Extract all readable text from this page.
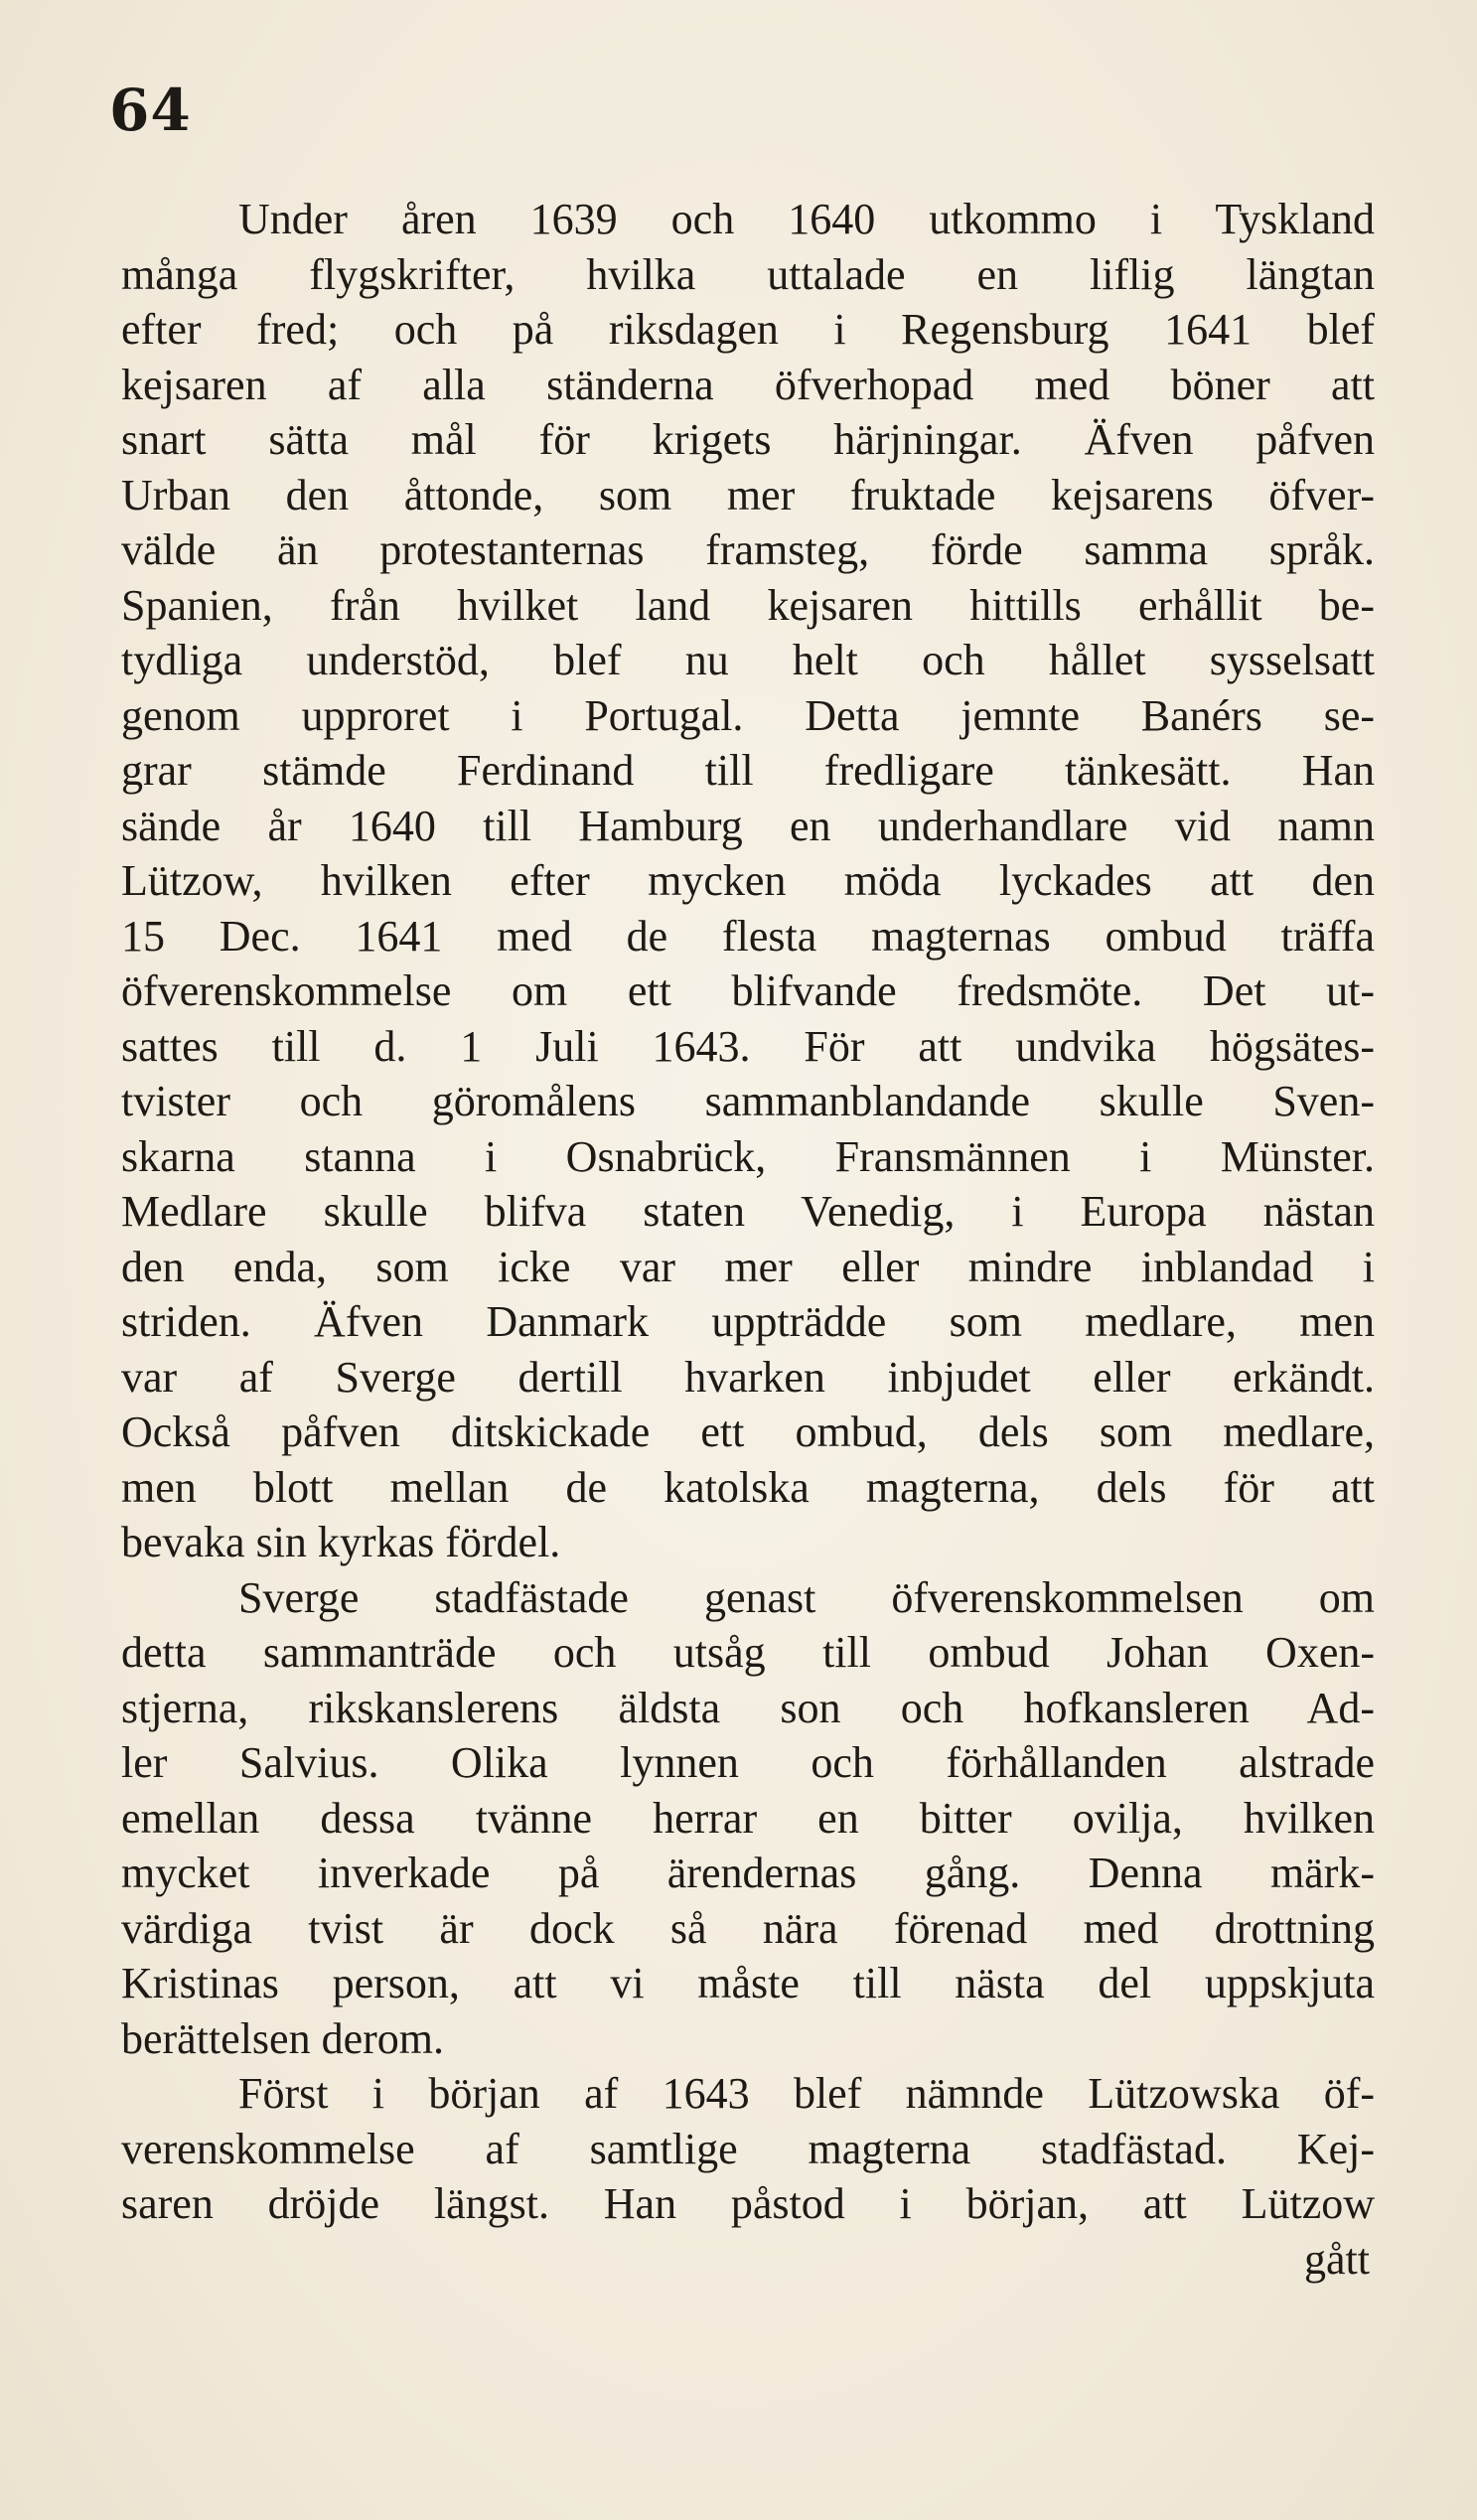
64
Under åren 1639 och 1640 utkommo i Tyskland
många flygskrifter, hvilka uttalade en liflig längtan
efter fred; och på riksdagen i Regensburg 1641 blef
kejsaren af alla ständerna öfverhopad med böner att
snart sätta mål för krigets härjningar. Äfven påfven
Urban den åttonde, som mer fruktade kejsarens öfver-
välde än protestanternas framsteg, förde samma språk.
Spanien, från hvilket land kejsaren hittills erhållit be-
tydliga understöd, blef nu helt och hållet sysselsatt
genom upproret i Portugal. Detta jemnte Banérs se-
grar stämde Ferdinand till fredligare tänkesätt. Han
sände år 1640 till Hamburg en underhandlare vid namn
Lützow, hvilken efter mycken möda lyckades att den
15 Dec. 1641 med de flesta magternas ombud träffa
öfverenskommelse om ett blifvande fredsmöte. Det ut-
sattes till d. 1 Juli 1643. För att undvika högsätes-
tvister och göromålens sammanblandande skulle Sven-
skarna stanna i Osnabrück, Fransmännen i Münster.
Medlare skulle blifva staten Venedig, i Europa nästan
den enda, som icke var mer eller mindre inblandad i
striden. Äfven Danmark uppträdde som medlare, men
var af Sverge dertill hvarken inbjudet eller erkändt.
Också påfven ditskickade ett ombud, dels som medlare,
men blott mellan de katolska magterna, dels för att
bevaka sin kyrkas fördel.
Sverge stadfästade genast öfverenskommelsen om
detta sammanträde och utsåg till ombud Johan Oxen-
stjerna, rikskanslerens äldsta son och hofkansleren Ad-
ler Salvius. Olika lynnen och förhållanden alstrade
emellan dessa tvänne herrar en bitter ovilja, hvilken
mycket inverkade på ärendernas gång. Denna märk-
värdiga tvist är dock så nära förenad med drottning
Kristinas person, att vi måste till nästa del uppskjuta
berättelsen derom.
Först i början af 1643 blef nämnde Lützowska öf-
verenskommelse af samtlige magterna stadfästad. Kej-
saren dröjde längst. Han påstod i början, att Lützow
gått
